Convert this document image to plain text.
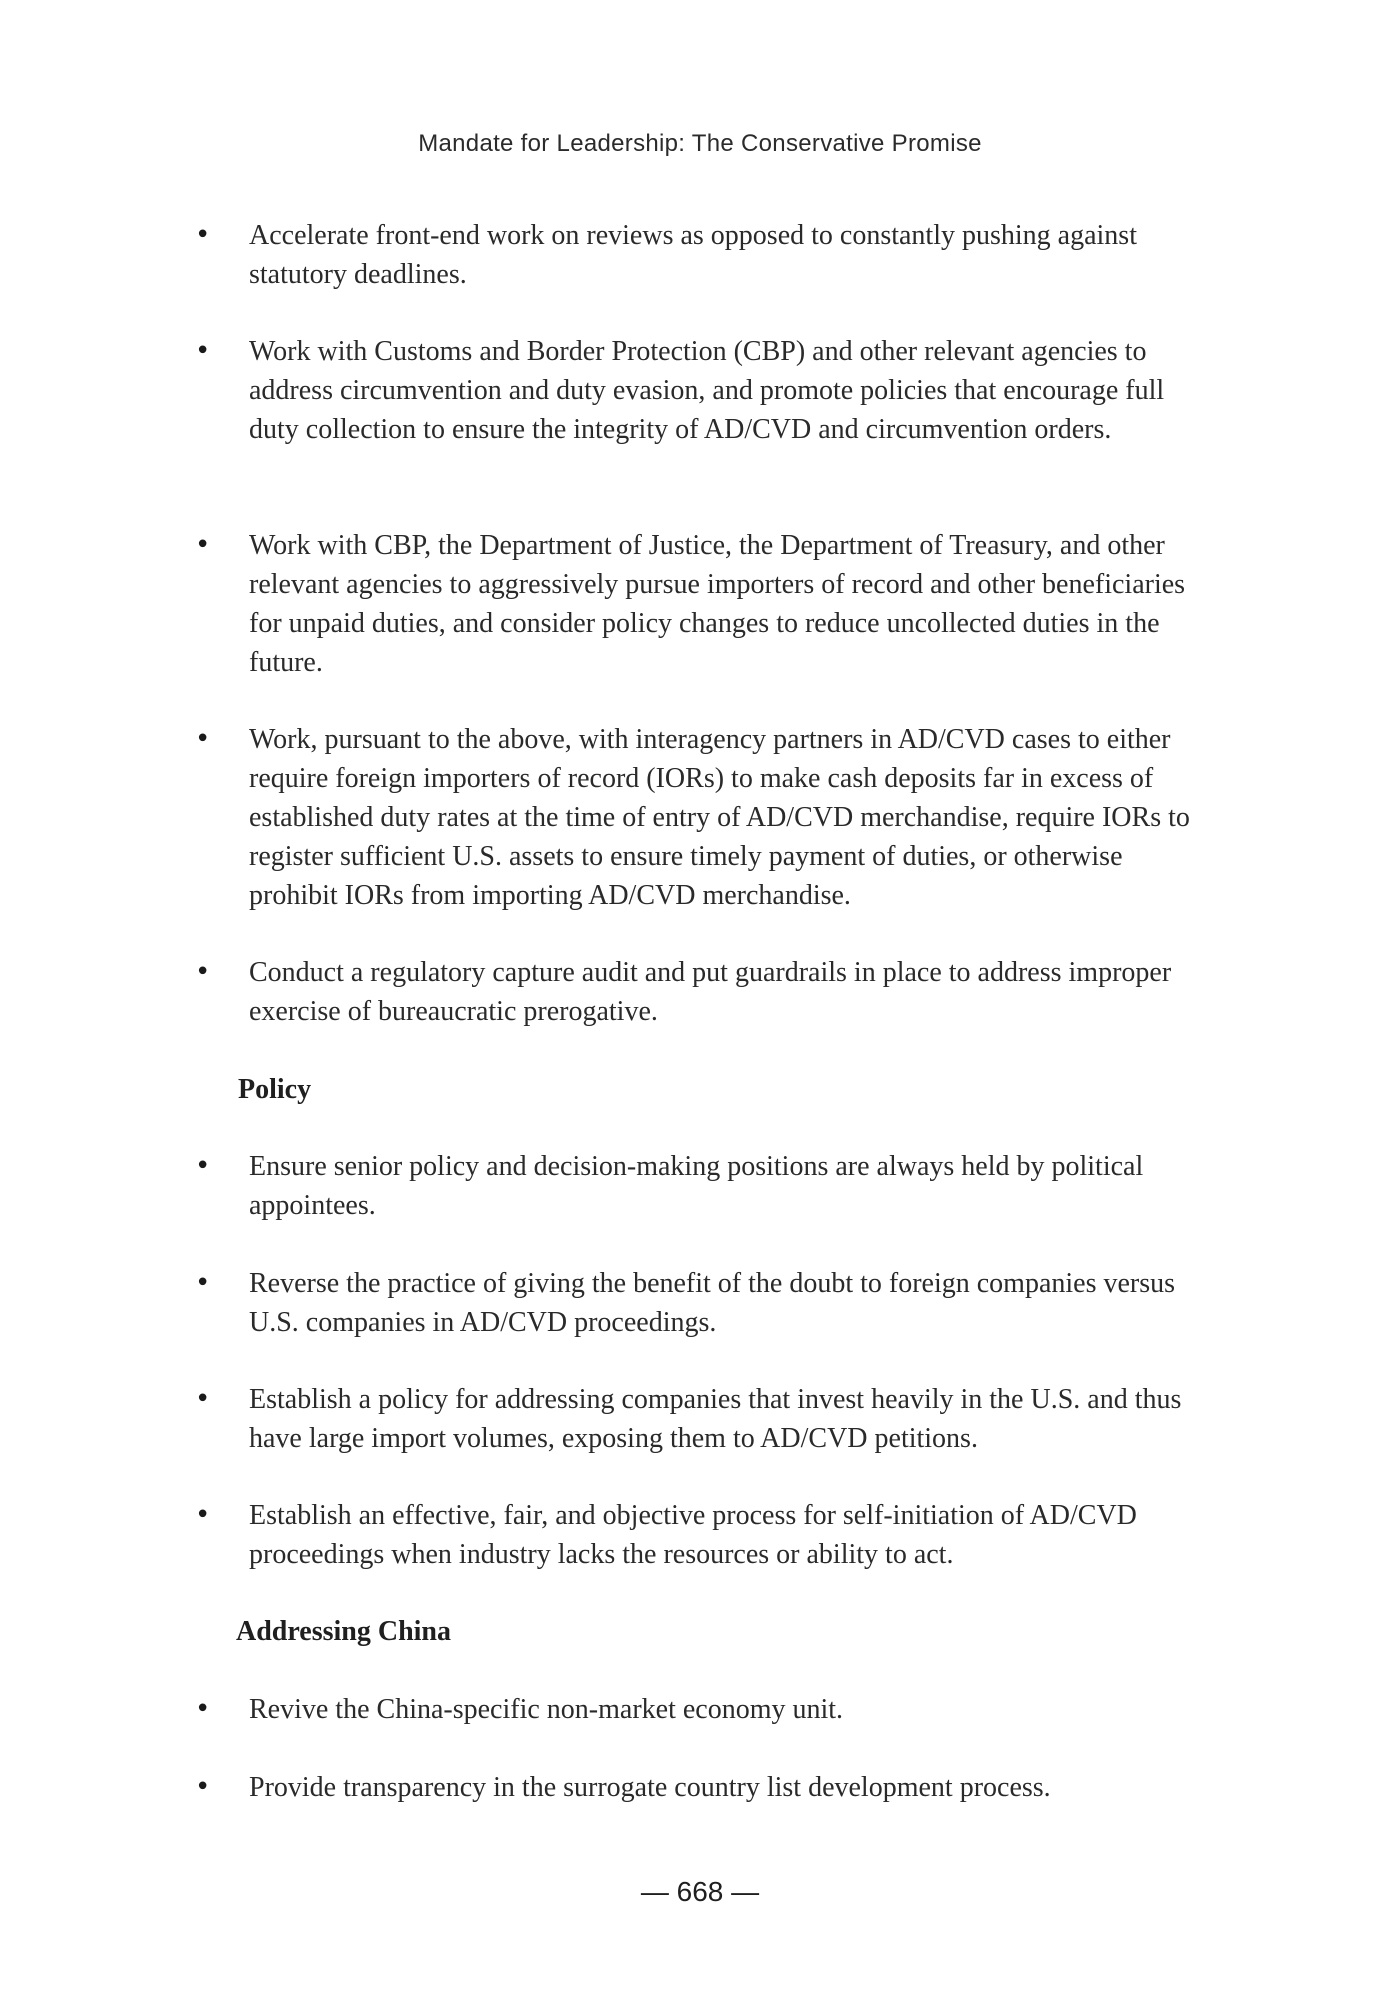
Mandate for Leadership: The Conservative Promise
• Accelerate front-end work on reviews as opposed to constantly pushing against statutory deadlines.
• Work with Customs and Border Protection (CBP) and other relevant agencies to address circumvention and duty evasion, and promote policies that encourage full duty collection to ensure the integrity of AD/CVD and circumvention orders.
• Work with CBP, the Department of Justice, the Department of Treasury, and other relevant agencies to aggressively pursue importers of record and other beneficiaries for unpaid duties, and consider policy changes to reduce uncollected duties in the future.
• Work, pursuant to the above, with interagency partners in AD/CVD cases to either require foreign importers of record (IORs) to make cash deposits far in excess of established duty rates at the time of entry of AD/CVD merchandise, require IORs to register sufficient U.S. assets to ensure timely payment of duties, or otherwise prohibit IORs from importing AD/CVD merchandise.
• Conduct a regulatory capture audit and put guardrails in place to address improper exercise of bureaucratic prerogative.
Policy
• Ensure senior policy and decision-making positions are always held by political appointees.
• Reverse the practice of giving the benefit of the doubt to foreign companies versus U.S. companies in AD/CVD proceedings.
• Establish a policy for addressing companies that invest heavily in the U.S. and thus have large import volumes, exposing them to AD/CVD petitions.
• Establish an effective, fair, and objective process for self-initiation of AD/CVD proceedings when industry lacks the resources or ability to act.
Addressing China
• Revive the China-specific non-market economy unit.
• Provide transparency in the surrogate country list development process.
— 668 —
